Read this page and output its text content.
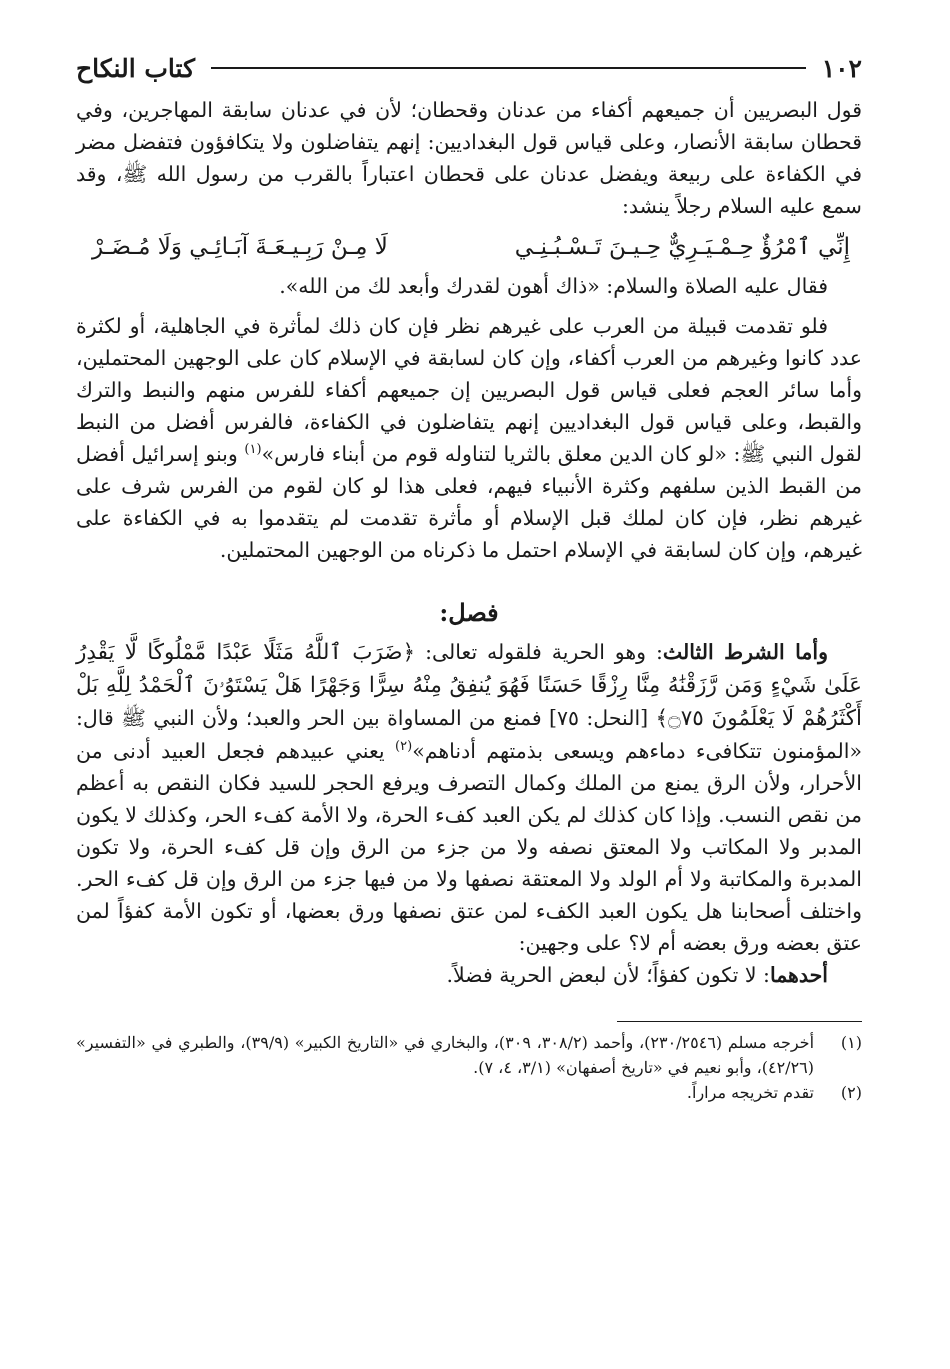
١٠٢
كتاب النكاح

قول البصريين أن جميعهم أكفاء من عدنان وقحطان؛ لأن في عدنان سابقة المهاجرين، وفي قحطان سابقة الأنصار، وعلى قياس قول البغداديين: إنهم يتفاضلون ولا يتكافؤون فتفضل مضر في الكفاءة على ربيعة ويفضل عدنان على قحطان اعتباراً بالقرب من رسول الله ﷺ، وقد سمع عليه السلام رجلاً ينشد:

إِنِّي ٱمْرُؤٌ حِـمْـيَـرِيٌّ حِـيـنَ تَـسْـبُـنِـي
لَا مِـنْ رَبِـيـعَـةَ آبَـائِـي وَلَا مُـضَـرْ

فقال عليه الصلاة والسلام: «ذاك أهون لقدرك وأبعد لك من الله».

فلو تقدمت قبيلة من العرب على غيرهم نظر فإن كان ذلك لمأثرة في الجاهلية، أو لكثرة عدد كانوا وغيرهم من العرب أكفاء، وإن كان لسابقة في الإسلام كان على الوجهين المحتملين، وأما سائر العجم فعلى قياس قول البصريين إن جميعهم أكفاء للفرس منهم والنبط والترك والقبط، وعلى قياس قول البغداديين إنهم يتفاضلون في الكفاءة، فالفرس أفضل من النبط لقول النبي ﷺ: «لو كان الدين معلق بالثريا لتناوله قوم من أبناء فارس»$^{(١)}$ وبنو إسرائيل أفضل من القبط الذين سلفهم وكثرة الأنبياء فيهم، فعلى هذا لو كان لقوم من الفرس شرف على غيرهم نظر، فإن كان لملك قبل الإسلام أو مأثرة تقدمت لم يتقدموا به في الكفاءة على غيرهم، وإن كان لسابقة في الإسلام احتمل ما ذكرناه من الوجهين المحتملين.

فصل:

وأما الشرط الثالث: وهو الحرية فلقوله تعالى: ﴿ضَرَبَ ٱللَّهُ مَثَلًا عَبْدًا مَّمْلُوكًا لَّا يَقْدِرُ عَلَىٰ شَيْءٍ وَمَن رَّزَقْنَٰهُ مِنَّا رِزْقًا حَسَنًا فَهُوَ يُنفِقُ مِنْهُ سِرًّا وَجَهْرًا هَلْ يَسْتَوُۥنَ ٱلْحَمْدُ لِلَّهِ بَلْ أَكْثَرُهُمْ لَا يَعْلَمُونَ ۝٧٥﴾ [النحل: ٧٥] فمنع من المساواة بين الحر والعبد؛ ولأن النبي ﷺ قال: «المؤمنون تتكافىء دماءهم ويسعى بذمتهم أدناهم»$^{(٢)}$ يعني عبيدهم فجعل العبيد أدنى من الأحرار، ولأن الرق يمنع من الملك وكمال التصرف ويرفع الحجر للسيد فكان النقص به أعظم من نقص النسب. وإذا كان كذلك لم يكن العبد كفء الحرة، ولا الأمة كفء الحر، وكذلك لا يكون المدبر ولا المكاتب ولا المعتق نصفه ولا من جزء من الرق وإن قل كفء الحرة، ولا تكون المدبرة والمكاتبة ولا أم الولد ولا المعتقة نصفها ولا من فيها جزء من الرق وإن قل كفء الحر. واختلف أصحابنا هل يكون العبد الكفء لمن عتق نصفها ورق بعضها، أو تكون الأمة كفؤاً لمن عتق بعضه ورق بعضه أم لا؟ على وجهين:

أحدهما: لا تكون كفؤاً؛ لأن لبعض الحرية فضلاً.

(١)
أخرجه مسلم (٢٣٠/٢٥٤٦)، وأحمد (٣٠٨/٢، ٣٠٩)، والبخاري في «التاريخ الكبير» (٣٩/٩)، والطبري في «التفسير» (٤٢/٢٦)، وأبو نعيم في «تاريخ أصفهان» (٣/١، ٤، ٧).
(٢)
تقدم تخريجه مراراً.
